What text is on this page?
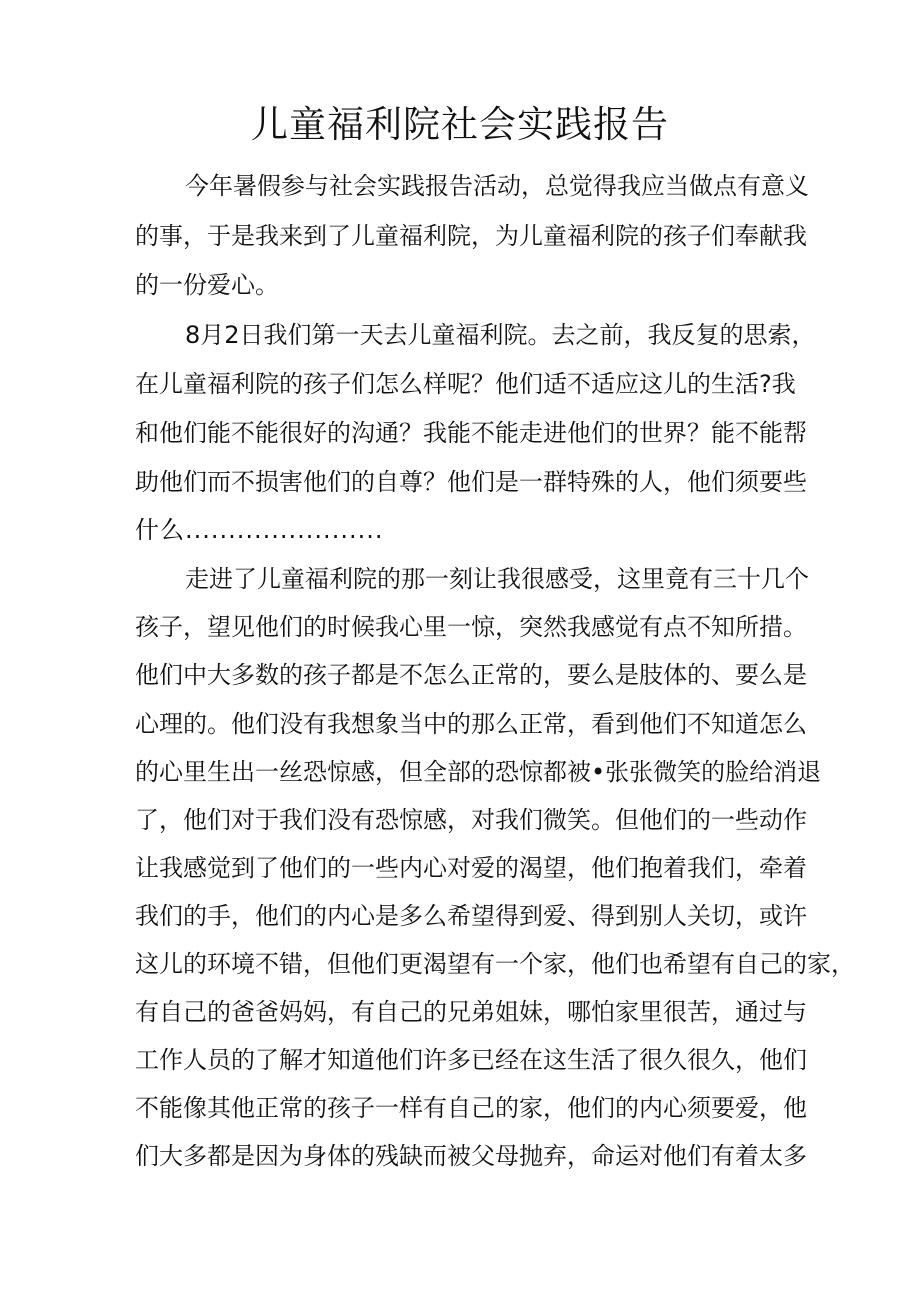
儿童福利院社会实践报告

今年暑假参与社会实践报告活动，总觉得我应当做点有意义

的事，于是我来到了儿童福利院，为儿童福利院的孩子们奉献我

的一份爱心。

8月2日我们第一天去儿童福利院。去之前，我反复的思索，

在儿童福利院的孩子们怎么样呢？他们适不适应这儿的生活?我

和他们能不能很好的沟通？我能不能走进他们的世界？能不能帮

助他们而不损害他们的自尊？他们是一群特殊的人，他们须要些

什么.......................

走进了儿童福利院的那一刻让我很感受，这里竟有三十几个

孩子，望见他们的时候我心里一惊，突然我感觉有点不知所措。

他们中大多数的孩子都是不怎么正常的，要么是肢体的、要么是

心理的。他们没有我想象当中的那么正常，看到他们不知道怎么

的心里生出一丝恐惊感，但全部的恐惊都被•张张微笑的脸给消退

了，他们对于我们没有恐惊感，对我们微笑。但他们的一些动作

让我感觉到了他们的一些内心对爱的渴望，他们抱着我们，牵着

我们的手，他们的内心是多么希望得到爱、得到别人关切，或许

这儿的环境不错，但他们更渴望有一个家，他们也希望有自己的家，

有自己的爸爸妈妈，有自己的兄弟姐妹，哪怕家里很苦，通过与

工作人员的了解才知道他们许多已经在这生活了很久很久，他们

不能像其他正常的孩子一样有自己的家，他们的内心须要爱，他

们大多都是因为身体的残缺而被父母抛弃，命运对他们有着太多
